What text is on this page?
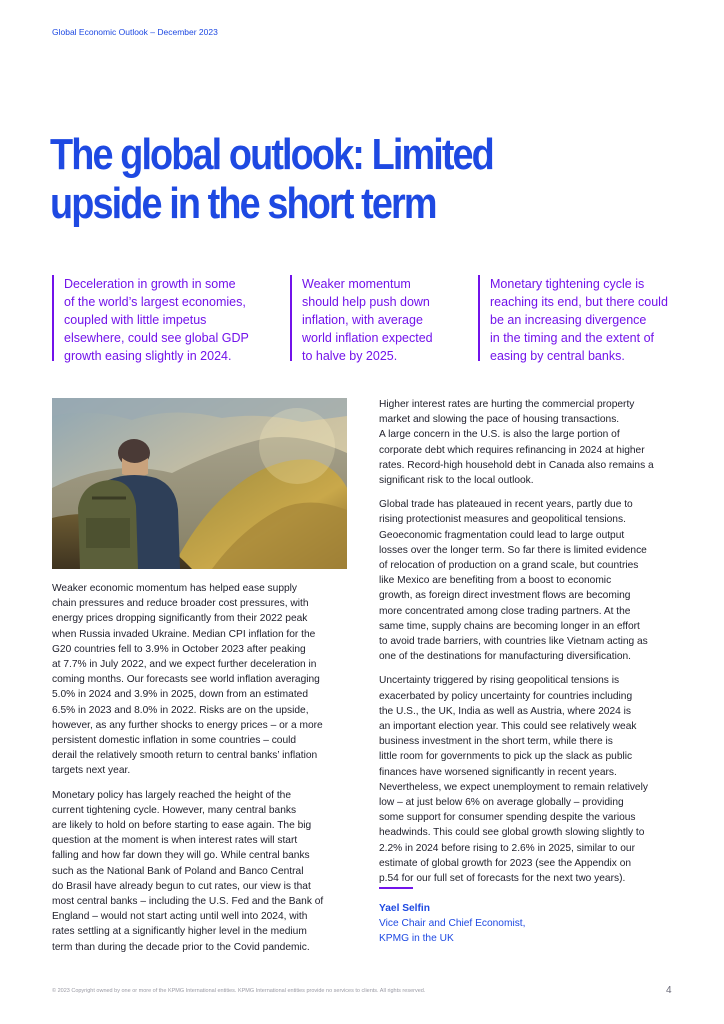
Global Economic Outlook – December 2023
The global outlook: Limited
upside in the short term
Deceleration in growth in some
of the world’s largest economies,
coupled with little impetus
elsewhere, could see global GDP
growth easing slightly in 2024.
Weaker momentum
should help push down
inflation, with average
world inflation expected
to halve by 2025.
Monetary tightening cycle is
reaching its end, but there could
be an increasing divergence
in the timing and the extent of
easing by central banks.

Weaker economic momentum has helped ease supply
chain pressures and reduce broader cost pressures, with
energy prices dropping significantly from their 2022 peak
when Russia invaded Ukraine. Median CPI inflation for the
G20 countries fell to 3.9% in October 2023 after peaking
at 7.7% in July 2022, and we expect further deceleration in
coming months. Our forecasts see world inflation averaging
5.0% in 2024 and 3.9% in 2025, down from an estimated
6.5% in 2023 and 8.0% in 2022. Risks are on the upside,
however, as any further shocks to energy prices – or a more
persistent domestic inflation in some countries – could
derail the relatively smooth return to central banks’ inflation
targets next year.

Monetary policy has largely reached the height of the
current tightening cycle. However, many central banks
are likely to hold on before starting to ease again. The big
question at the moment is when interest rates will start
falling and how far down they will go. While central banks
such as the National Bank of Poland and Banco Central
do Brasil have already begun to cut rates, our view is that
most central banks – including the U.S. Fed and the Bank of
England – would not start acting until well into 2024, with
rates settling at a significantly higher level in the medium
term than during the decade prior to the Covid pandemic.

Higher interest rates are hurting the commercial property
market and slowing the pace of housing transactions.
A large concern in the U.S. is also the large portion of
corporate debt which requires refinancing in 2024 at higher
rates. Record-high household debt in Canada also remains a
significant risk to the local outlook.

Global trade has plateaued in recent years, partly due to
rising protectionist measures and geopolitical tensions.
Geoeconomic fragmentation could lead to large output
losses over the longer term. So far there is limited evidence
of relocation of production on a grand scale, but countries
like Mexico are benefiting from a boost to economic
growth, as foreign direct investment flows are becoming
more concentrated among close trading partners. At the
same time, supply chains are becoming longer in an effort
to avoid trade barriers, with countries like Vietnam acting as
one of the destinations for manufacturing diversification.

Uncertainty triggered by rising geopolitical tensions is
exacerbated by policy uncertainty for countries including
the U.S., the UK, India as well as Austria, where 2024 is
an important election year. This could see relatively weak
business investment in the short term, while there is
little room for governments to pick up the slack as public
finances have worsened significantly in recent years.
Nevertheless, we expect unemployment to remain relatively
low – at just below 6% on average globally – providing
some support for consumer spending despite the various
headwinds. This could see global growth slowing slightly to
2.2% in 2024 before rising to 2.6% in 2025, similar to our
estimate of global growth for 2023 (see the Appendix on
p.54 for our full set of forecasts for the next two years).

Yael Selfin
Vice Chair and Chief Economist,
KPMG in the UK
© 2023 Copyright owned by one or more of the KPMG International entities. KPMG International entities provide no services to clients. All rights reserved.	4
